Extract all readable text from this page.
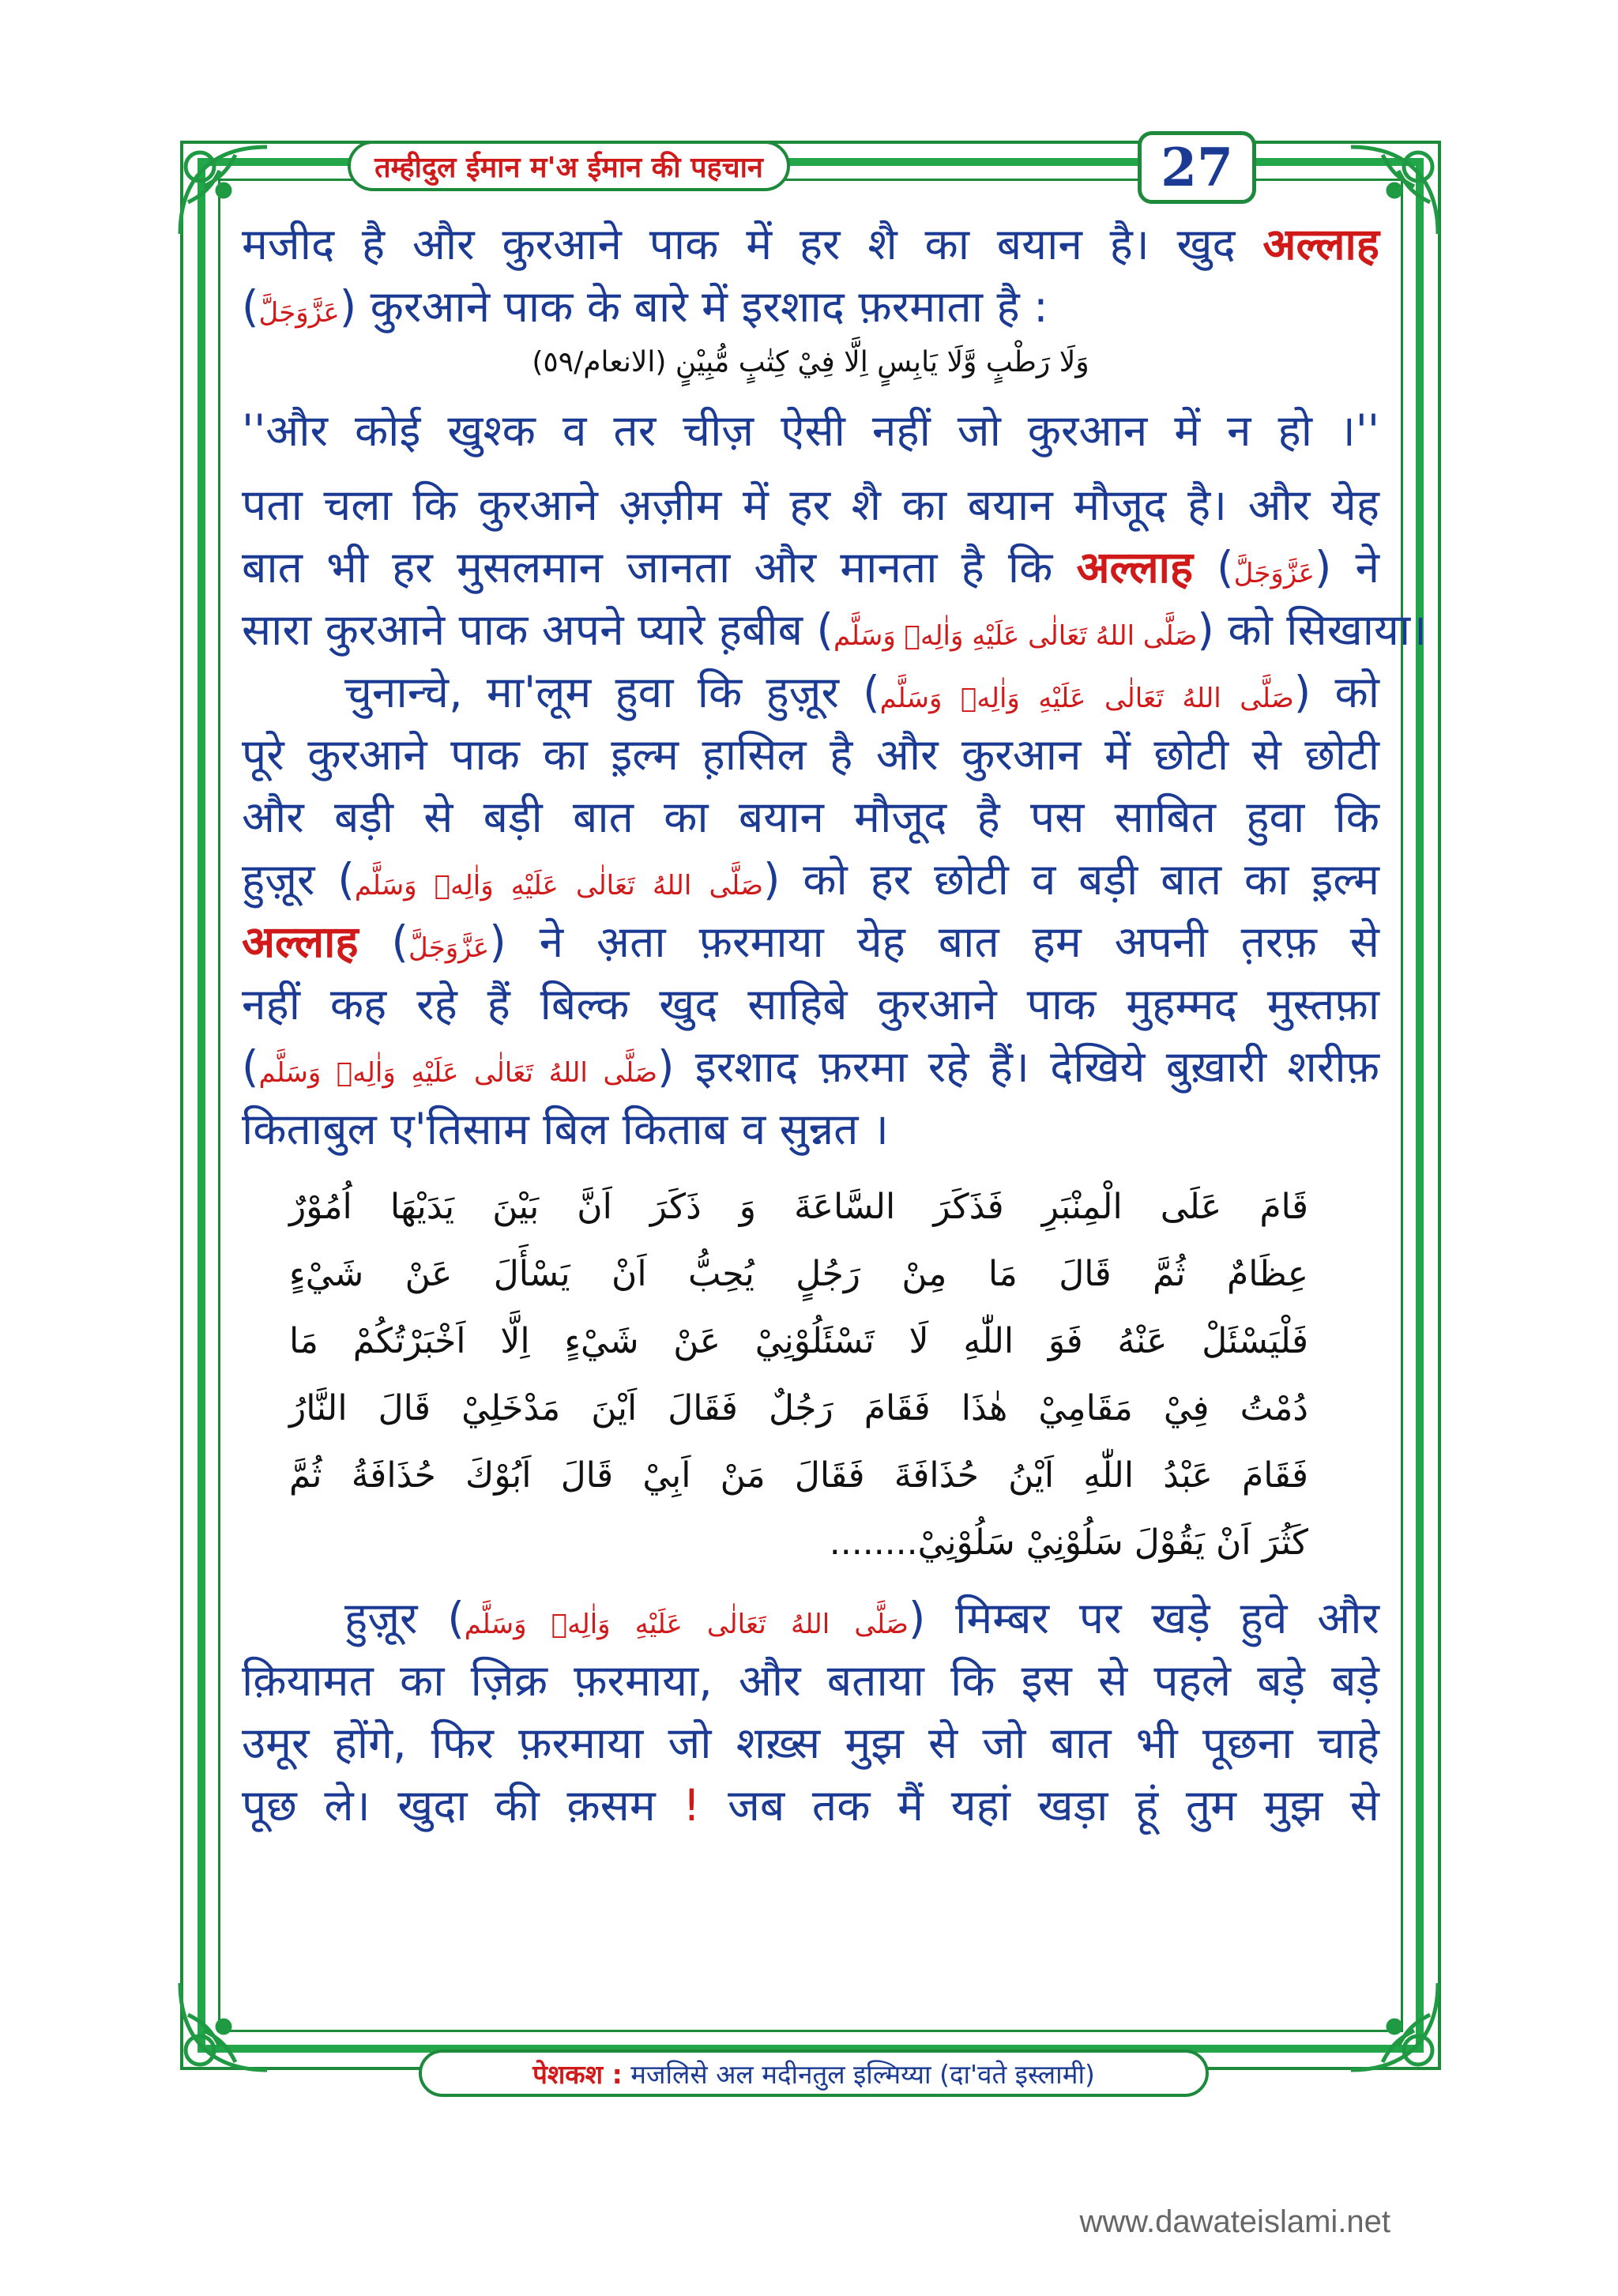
तम्हीदुल ईमान म'अ ईमान की पहचान	27
मजीद है और कुरआने पाक में हर शै का बयान है। खुद अल्लाह
(عَزَّوَجَلَّ) कुरआने पाक के बारे में इरशाद फ़रमाता है :
وَلَا رَطْبٍ وَّلَا يَابِسٍ اِلَّا فِيْ كِتٰبٍ مُّبِيْنٍ (الانعام/٥٩)
''और कोई खुश्क व तर चीज़ ऐसी नहीं जो कुरआन में न हो ।''
पता चला कि कुरआने अ़ज़ीम में हर शै का बयान मौजूद है। और येह
बात भी हर मुसलमान जानता और मानता है कि अल्लाह (عَزَّوَجَلَّ) ने
सारा कुरआने पाक अपने प्यारे ह़बीब (صَلَّى اللهُ تَعَالٰى عَلَيْهِ وَاٰلِهٖ وَسَلَّم) को सिखाया।
चुनान्चे, मा'लूम हुवा कि हुज़ूर (صَلَّى اللهُ تَعَالٰى عَلَيْهِ وَاٰلِهٖ وَسَلَّم) को
पूरे कुरआने पाक का इ़ल्म ह़ासिल है और कुरआन में छोटी से छोटी
और बड़ी से बड़ी बात का बयान मौजूद है पस साबित हुवा कि
हुज़ूर (صَلَّى اللهُ تَعَالٰى عَلَيْهِ وَاٰلِهٖ وَسَلَّم) को हर छोटी व बड़ी बात का इ़ल्म
अल्लाह (عَزَّوَجَلَّ) ने अ़ता फ़रमाया येह बात हम अपनी त़रफ़ से
नहीं कह रहे हैं बिल्क खुद साहिबे कुरआने पाक मुहम्मद मुस्तफ़ा
(صَلَّى اللهُ تَعَالٰى عَلَيْهِ وَاٰلِهٖ وَسَلَّم) इरशाद फ़रमा रहे हैं। देखिये बुख़ारी शरीफ़
किताबुल ए'तिसाम बिल किताब व सुन्नत ।
قَامَ عَلَى الْمِنْبَرِ فَذَكَرَ السَّاعَةَ وَ ذَكَرَ اَنَّ بَيْنَ يَدَيْهَا اُمُوْرٌ
عِظَامٌ ثُمَّ قَالَ مَا مِنْ رَجُلٍ يُحِبُّ اَنْ يَسْأَلَ عَنْ شَيْءٍ
فَلْيَسْئَلْ عَنْهُ فَوَ اللّٰهِ لَا تَسْئَلُوْنِيْ عَنْ شَيْءٍ اِلَّا اَخْبَرْتُكُمْ مَا
دُمْتُ فِيْ مَقَامِيْ هٰذَا فَقَامَ رَجُلٌ فَقَالَ اَيْنَ مَدْخَلِيْ قَالَ النَّارُ
فَقَامَ عَبْدُ اللّٰهِ اَيْنُ حُذَافَةَ فَقَالَ مَنْ اَبِيْ قَالَ اَبُوْكَ حُذَافَةُ ثُمَّ
كَثُرَ اَنْ يَقُوْلَ سَلُوْنِيْ سَلُوْنِيْ........
हुज़ूर (صَلَّى اللهُ تَعَالٰى عَلَيْهِ وَاٰلِهٖ وَسَلَّم) मिम्बर पर खड़े हुवे और
क़ियामत का ज़िक्र फ़रमाया, और बताया कि इस से पहले बड़े बड़े
उमूर होंगे, फिर फ़रमाया जो शख़्स मुझ से जो बात भी पूछना चाहे
पूछ ले। खुदा की क़सम ! जब तक मैं यहां खड़ा हूं तुम मुझ से
पेशकश :
मजलिसे अल मदीनतुल इल्मिय्या (दा'वते इस्लामी)
www.dawateislami.net
